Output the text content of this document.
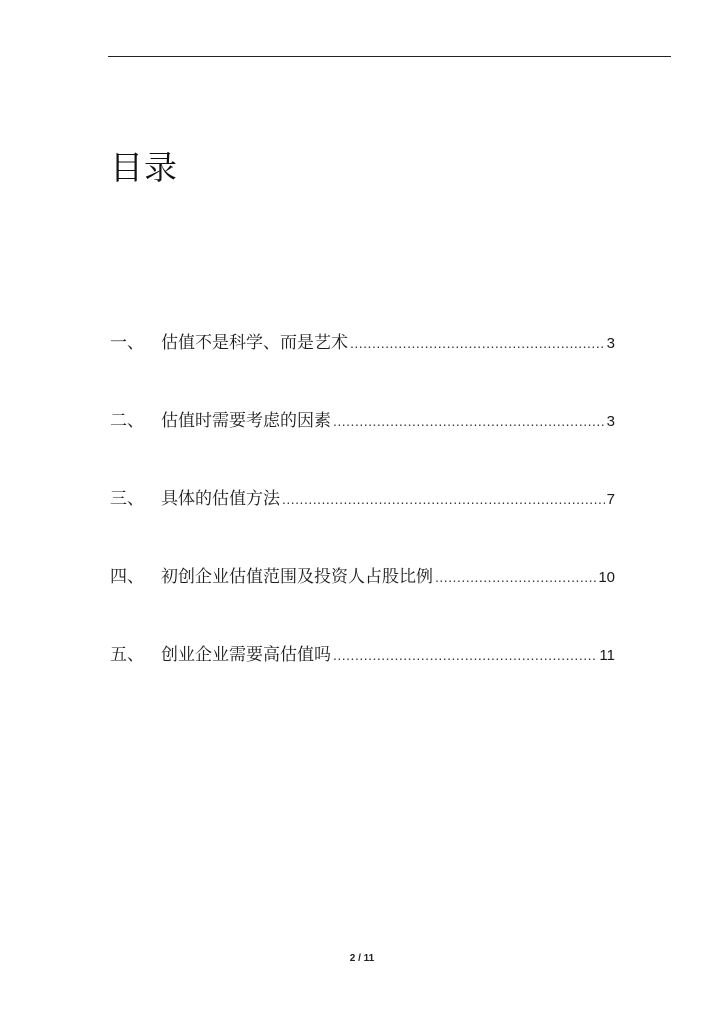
目录
一、	估值不是科学、而是艺术 .....	3
二、	估值时需要考虑的因素 .....	3
三、	具体的估值方法 .....	7
四、	初创企业估值范围及投资人占股比例 .....	10
五、	创业企业需要高估值吗 .....	11
2 / 11
